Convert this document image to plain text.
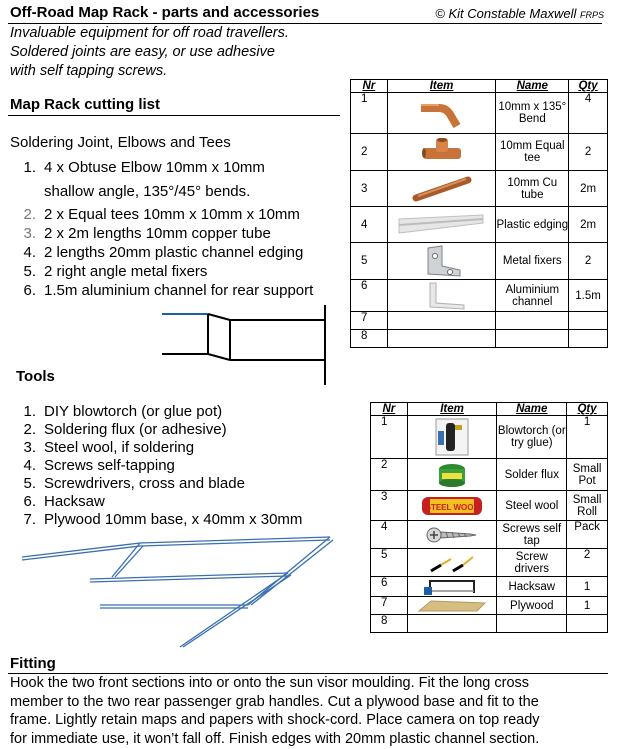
Off-Road Map Rack - parts and accessories	© Kit Constable Maxwell FRPS
Invaluable equipment for off road travellers.
Soldered joints are easy, or use adhesive
with self tapping screws.
Map Rack cutting list
Soldering Joint, Elbows and Tees
1. 4 x Obtuse Elbow 10mm x 10mm
shallow angle, 135°/45° bends.
2. 2 x Equal tees 10mm x 10mm x 10mm
3. 2 x 2m lengths 10mm copper tube
4. 2 lengths 20mm plastic channel edging
5. 2 right angle metal fixers
6. 1.5m aluminium channel for rear support
Nr	Item	Name	Qty
1		10mm x 135° Bend	4
2		10mm Equal tee	2
3		10mm Cu tube	2m
4		Plastic edging	2m
5		Metal fixers	2
6		Aluminium channel	1.5m
7			
8			
Tools
1. DIY blowtorch (or glue pot)
2. Soldering flux (or adhesive)
3. Steel wool, if soldering
4. Screws self-tapping
5. Screwdrivers, cross and blade
6. Hacksaw
7. Plywood 10mm base, x 40mm x 30mm
Nr	Item	Name	Qty
1		Blowtorch (or try glue)	1
2		Solder flux	Small Pot
3	STEEL WOOL	Steel wool	Small Roll
4		Screws self tap	Pack
5		Screw drivers	2
6		Hacksaw	1
7		Plywood	1
8			
Fitting
Hook the two front sections into or onto the sun visor moulding. Fit the long cross
member to the two rear passenger grab handles. Cut a plywood base and fit to the
frame. Lightly retain maps and papers with shock-cord. Place camera on top ready
for immediate use, it won’t fall off. Finish edges with 20mm plastic channel section.
